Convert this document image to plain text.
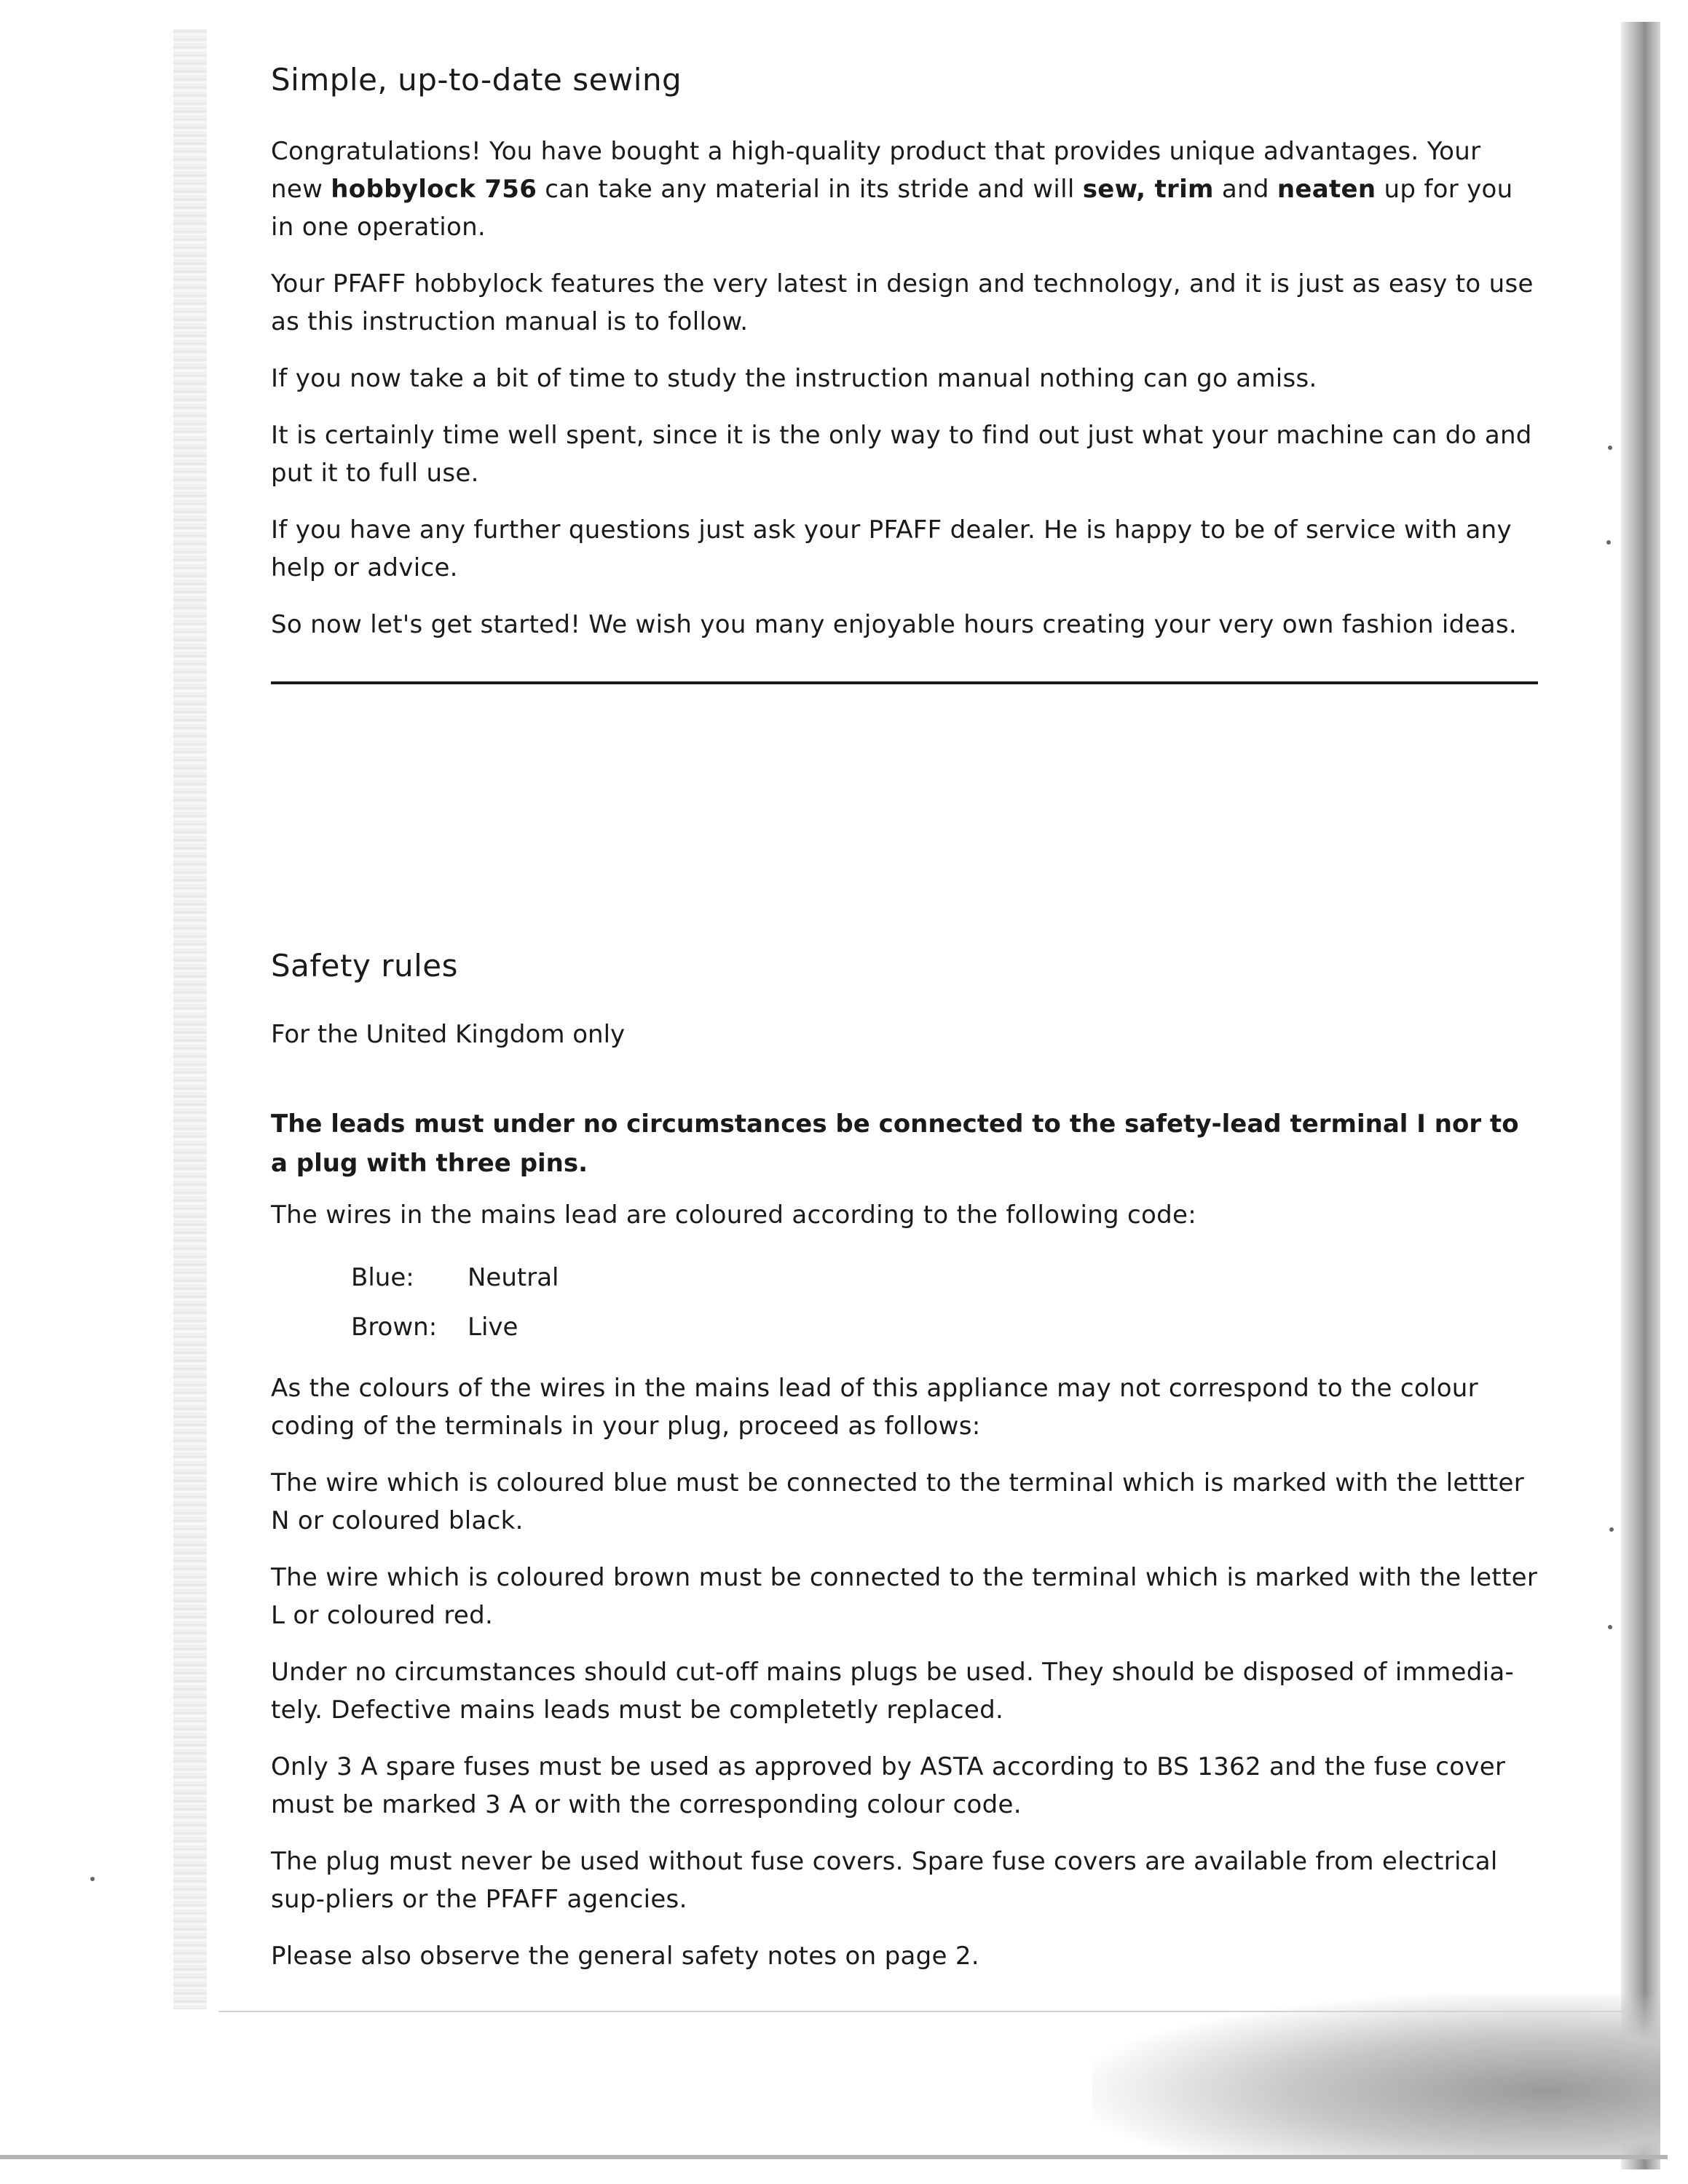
Simple, up-to-date sewing

Congratulations! You have bought a high-quality product that provides unique advantages. Your new hobbylock 756 can take any material in its stride and will sew, trim and neaten up for you in one operation.

Your PFAFF hobbylock features the very latest in design and technology, and it is just as easy to use as this instruction manual is to follow.

If you now take a bit of time to study the instruction manual nothing can go amiss.

It is certainly time well spent, since it is the only way to find out just what your machine can do and put it to full use.

If you have any further questions just ask your PFAFF dealer. He is happy to be of service with any help or advice.

So now let's get started! We wish you many enjoyable hours creating your very own fashion ideas.

Safety rules

For the United Kingdom only

The leads must under no circumstances be connected to the safety-lead terminal I nor to a plug with three pins.

The wires in the mains lead are coloured according to the following code:

Blue:	Neutral
Brown:	Live

As the colours of the wires in the mains lead of this appliance may not correspond to the colour coding of the terminals in your plug, proceed as follows:

The wire which is coloured blue must be connected to the terminal which is marked with the lettter N or coloured black.

The wire which is coloured brown must be connected to the terminal which is marked with the letter L or coloured red.

Under no circumstances should cut-off mains plugs be used. They should be disposed of immedia-tely. Defective mains leads must be completetly replaced.

Only 3 A spare fuses must be used as approved by ASTA according to BS 1362 and the fuse cover must be marked 3 A or with the corresponding colour code.

The plug must never be used without fuse covers. Spare fuse covers are available from electrical sup-pliers or the PFAFF agencies.

Please also observe the general safety notes on page 2.
